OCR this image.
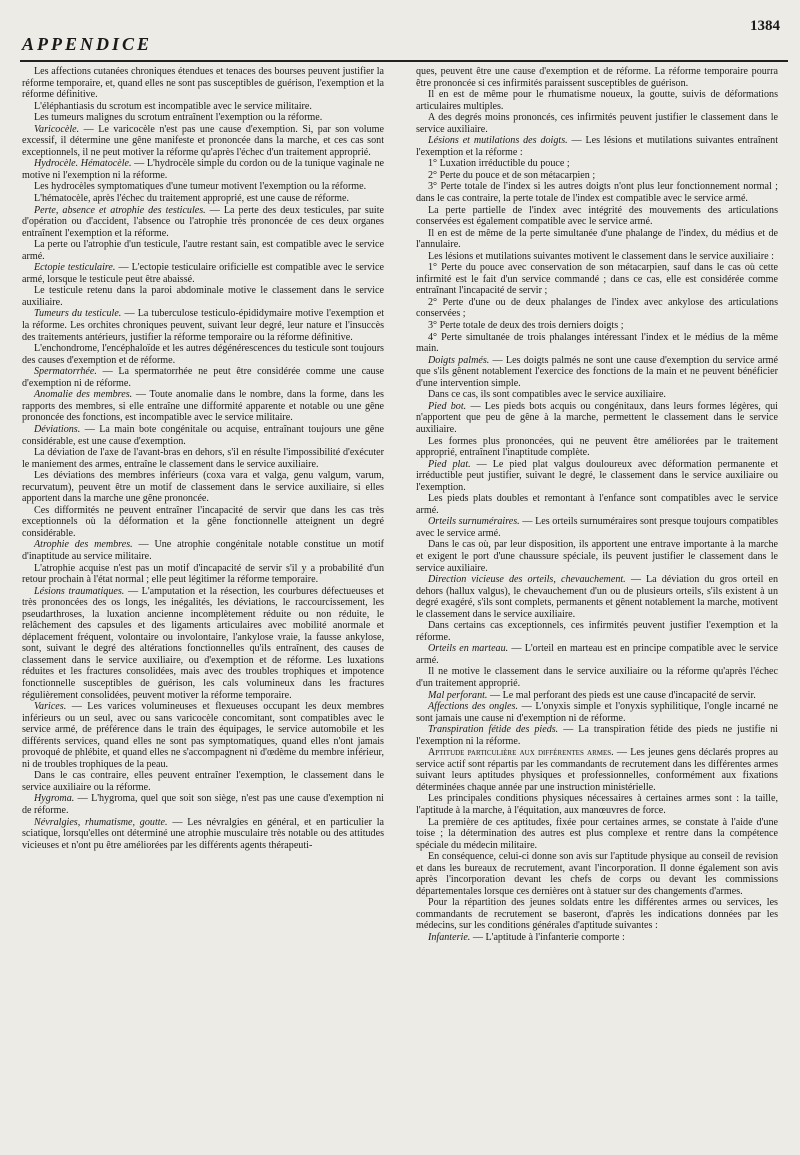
APPENDICE
1384

Les affections cutanées chroniques étendues et tenaces des bourses peuvent justifier la réforme temporaire, et, quand elles ne sont pas susceptibles de guérison, l'exemption et la réforme définitive.

L'éléphantiasis du scrotum est incompatible avec le service militaire.

Les tumeurs malignes du scrotum entraînent l'exemption ou la réforme.

Varicocèle. — Le varicocèle n'est pas une cause d'exemption. Si, par son volume excessif, il détermine une gêne manifeste et prononcée dans la marche, et ces cas sont exceptionnels, il ne peut motiver la réforme qu'après l'échec d'un traitement approprié.

Hydrocèle. Hématocèle. — L'hydrocèle simple du cordon ou de la tunique vaginale ne motive ni l'exemption ni la réforme.

Les hydrocèles symptomatiques d'une tumeur motivent l'exemption ou la réforme.

L'hématocèle, après l'échec du traitement approprié, est une cause de réforme.

Perte, absence et atrophie des testicules. — La perte des deux testicules, par suite d'opération ou d'accident, l'absence ou l'atrophie très prononcée de ces deux organes entraînent l'exemption et la réforme.

La perte ou l'atrophie d'un testicule, l'autre restant sain, est compatible avec le service armé.

Ectopie testiculaire. — L'ectopie testiculaire orificielle est compatible avec le service armé, lorsque le testicule peut être abaissé.

Le testicule retenu dans la paroi abdominale motive le classement dans le service auxiliaire.

Tumeurs du testicule. — La tuberculose testiculo-épididymaire motive l'exemption et la réforme. Les orchites chroniques peuvent, suivant leur degré, leur nature et l'insuccès des traitements antérieurs, justifier la réforme temporaire ou la réforme définitive.

L'enchondrome, l'encéphaloïde et les autres dégénérescences du testicule sont toujours des causes d'exemption et de réforme.

Spermatorrhée. — La spermatorrhée ne peut être considérée comme une cause d'exemption ni de réforme.

Anomalie des membres. — Toute anomalie dans le nombre, dans la forme, dans les rapports des membres, si elle entraîne une difformité apparente et notable ou une gêne prononcée des fonctions, est incompatible avec le service militaire.

Déviations. — La main bote congénitale ou acquise, entraînant toujours une gêne considérable, est une cause d'exemption.

La déviation de l'axe de l'avant-bras en dehors, s'il en résulte l'impossibilité d'exécuter le maniement des armes, entraîne le classement dans le service auxiliaire.

Les déviations des membres inférieurs (coxa vara et valga, genu valgum, varum, recurvatum), peuvent être un motif de classement dans le service auxiliaire, si elles apportent dans la marche une gêne prononcée.

Ces difformités ne peuvent entraîner l'incapacité de servir que dans les cas très exceptionnels où la déformation et la gêne fonctionnelle atteignent un degré considérable.

Atrophie des membres. — Une atrophie congénitale notable constitue un motif d'inaptitude au service militaire.

L'atrophie acquise n'est pas un motif d'incapacité de servir s'il y a probabilité d'un retour prochain à l'état normal ; elle peut légitimer la réforme temporaire.

Lésions traumatiques. — L'amputation et la résection, les courbures défectueuses et très prononcées des os longs, les inégalités, les déviations, le raccourcissement, les pseudarthroses, la luxation ancienne incomplètement réduite ou non réduite, le relâchement des capsules et des ligaments articulaires avec mobilité anormale et déplacement fréquent, volontaire ou involontaire, l'ankylose vraie, la fausse ankylose, sont, suivant le degré des altérations fonctionnelles qu'ils entraînent, des causes de classement dans le service auxiliaire, ou d'exemption et de réforme. Les luxations réduites et les fractures consolidées, mais avec des troubles trophiques et impotence fonctionnelle susceptibles de guérison, les cals volumineux dans les fractures régulièrement consolidées, peuvent motiver la réforme temporaire.

Varices. — Les varices volumineuses et flexueuses occupant les deux membres inférieurs ou un seul, avec ou sans varicocèle concomitant, sont compatibles avec le service armé, de préférence dans le train des équipages, le service automobile et les différents services, quand elles ne sont pas symptomatiques, quand elles n'ont jamais provoqué de phlébite, et quand elles ne s'accompagnent ni d'œdème du membre inférieur, ni de troubles trophiques de la peau.

Dans le cas contraire, elles peuvent entraîner l'exemption, le classement dans le service auxiliaire ou la réforme.

Hygroma. — L'hygroma, quel que soit son siège, n'est pas une cause d'exemption ni de réforme.

Névralgies, rhumatisme, goutte. — Les névralgies en général, et en particulier la sciatique, lorsqu'elles ont déterminé une atrophie musculaire très notable ou des attitudes vicieuses et n'ont pu être améliorées par les différents agents thérapeuti-

ques, peuvent être une cause d'exemption et de réforme. La réforme temporaire pourra être prononcée si ces infirmités paraissent susceptibles de guérison.

Il en est de même pour le rhumatisme noueux, la goutte, suivis de déformations articulaires multiples.

A des degrés moins prononcés, ces infirmités peuvent justifier le classement dans le service auxiliaire.

Lésions et mutilations des doigts. — Les lésions et mutilations suivantes entraînent l'exemption et la réforme :

1° Luxation irréductible du pouce ;

2° Perte du pouce et de son métacarpien ;

3° Perte totale de l'index si les autres doigts n'ont plus leur fonctionnement normal ; dans le cas contraire, la perte totale de l'index est compatible avec le service armé.

La perte partielle de l'index avec intégrité des mouvements des articulations conservées est également compatible avec le service armé.

Il en est de même de la perte simultanée d'une phalange de l'index, du médius et de l'annulaire.

Les lésions et mutilations suivantes motivent le classement dans le service auxiliaire :

1° Perte du pouce avec conservation de son métacarpien, sauf dans le cas où cette infirmité est le fait d'un service commandé ; dans ce cas, elle est considérée comme entraînant l'incapacité de servir ;

2° Perte d'une ou de deux phalanges de l'index avec ankylose des articulations conservées ;

3° Perte totale de deux des trois derniers doigts ;

4° Perte simultanée de trois phalanges intéressant l'index et le médius de la même main.

Doigts palmés. — Les doigts palmés ne sont une cause d'exemption du service armé que s'ils gênent notablement l'exercice des fonctions de la main et ne peuvent bénéficier d'une intervention simple.

Dans ce cas, ils sont compatibles avec le service auxiliaire.

Pied bot. — Les pieds bots acquis ou congénitaux, dans leurs formes légères, qui n'apportent que peu de gêne à la marche, permettent le classement dans le service auxiliaire.

Les formes plus prononcées, qui ne peuvent être améliorées par le traitement approprié, entraînent l'inaptitude complète.

Pied plat. — Le pied plat valgus douloureux avec déformation permanente et irréductible peut justifier, suivant le degré, le classement dans le service auxiliaire ou l'exemption.

Les pieds plats doubles et remontant à l'enfance sont compatibles avec le service armé.

Orteils surnuméraires. — Les orteils surnuméraires sont presque toujours compatibles avec le service armé.

Dans le cas où, par leur disposition, ils apportent une entrave importante à la marche et exigent le port d'une chaussure spéciale, ils peuvent justifier le classement dans le service auxiliaire.

Direction vicieuse des orteils, chevauchement. — La déviation du gros orteil en dehors (hallux valgus), le chevauchement d'un ou de plusieurs orteils, s'ils existent à un degré exagéré, s'ils sont complets, permanents et gênent notablement la marche, motivent le classement dans le service auxiliaire.

Dans certains cas exceptionnels, ces infirmités peuvent justifier l'exemption et la réforme.

Orteils en marteau. — L'orteil en marteau est en principe compatible avec le service armé.

Il ne motive le classement dans le service auxiliaire ou la réforme qu'après l'échec d'un traitement approprié.

Mal perforant. — Le mal perforant des pieds est une cause d'incapacité de servir.

Affections des ongles. — L'onyxis simple et l'onyxis syphilitique, l'ongle incarné ne sont jamais une cause ni d'exemption ni de réforme.

Transpiration fétide des pieds. — La transpiration fétide des pieds ne justifie ni l'exemption ni la réforme.

Aptitude particulière aux différentes armes. — Les jeunes gens déclarés propres au service actif sont répartis par les commandants de recrutement dans les différentes armes suivant leurs aptitudes physiques et professionnelles, conformément aux fixations déterminées chaque année par une instruction ministérielle.

Les principales conditions physiques nécessaires à certaines armes sont : la taille, l'aptitude à la marche, à l'équitation, aux manœuvres de force.

La première de ces aptitudes, fixée pour certaines armes, se constate à l'aide d'une toise ; la détermination des autres est plus complexe et rentre dans la compétence spéciale du médecin militaire.

En conséquence, celui-ci donne son avis sur l'aptitude physique au conseil de revision et dans les bureaux de recrutement, avant l'incorporation. Il donne également son avis après l'incorporation devant les chefs de corps ou devant les commissions départementales lorsque ces dernières ont à statuer sur des changements d'armes.

Pour la répartition des jeunes soldats entre les différentes armes ou services, les commandants de recrutement se baseront, d'après les indications données par les médecins, sur les conditions générales d'aptitude suivantes :

Infanterie. — L'aptitude à l'infanterie comporte :
